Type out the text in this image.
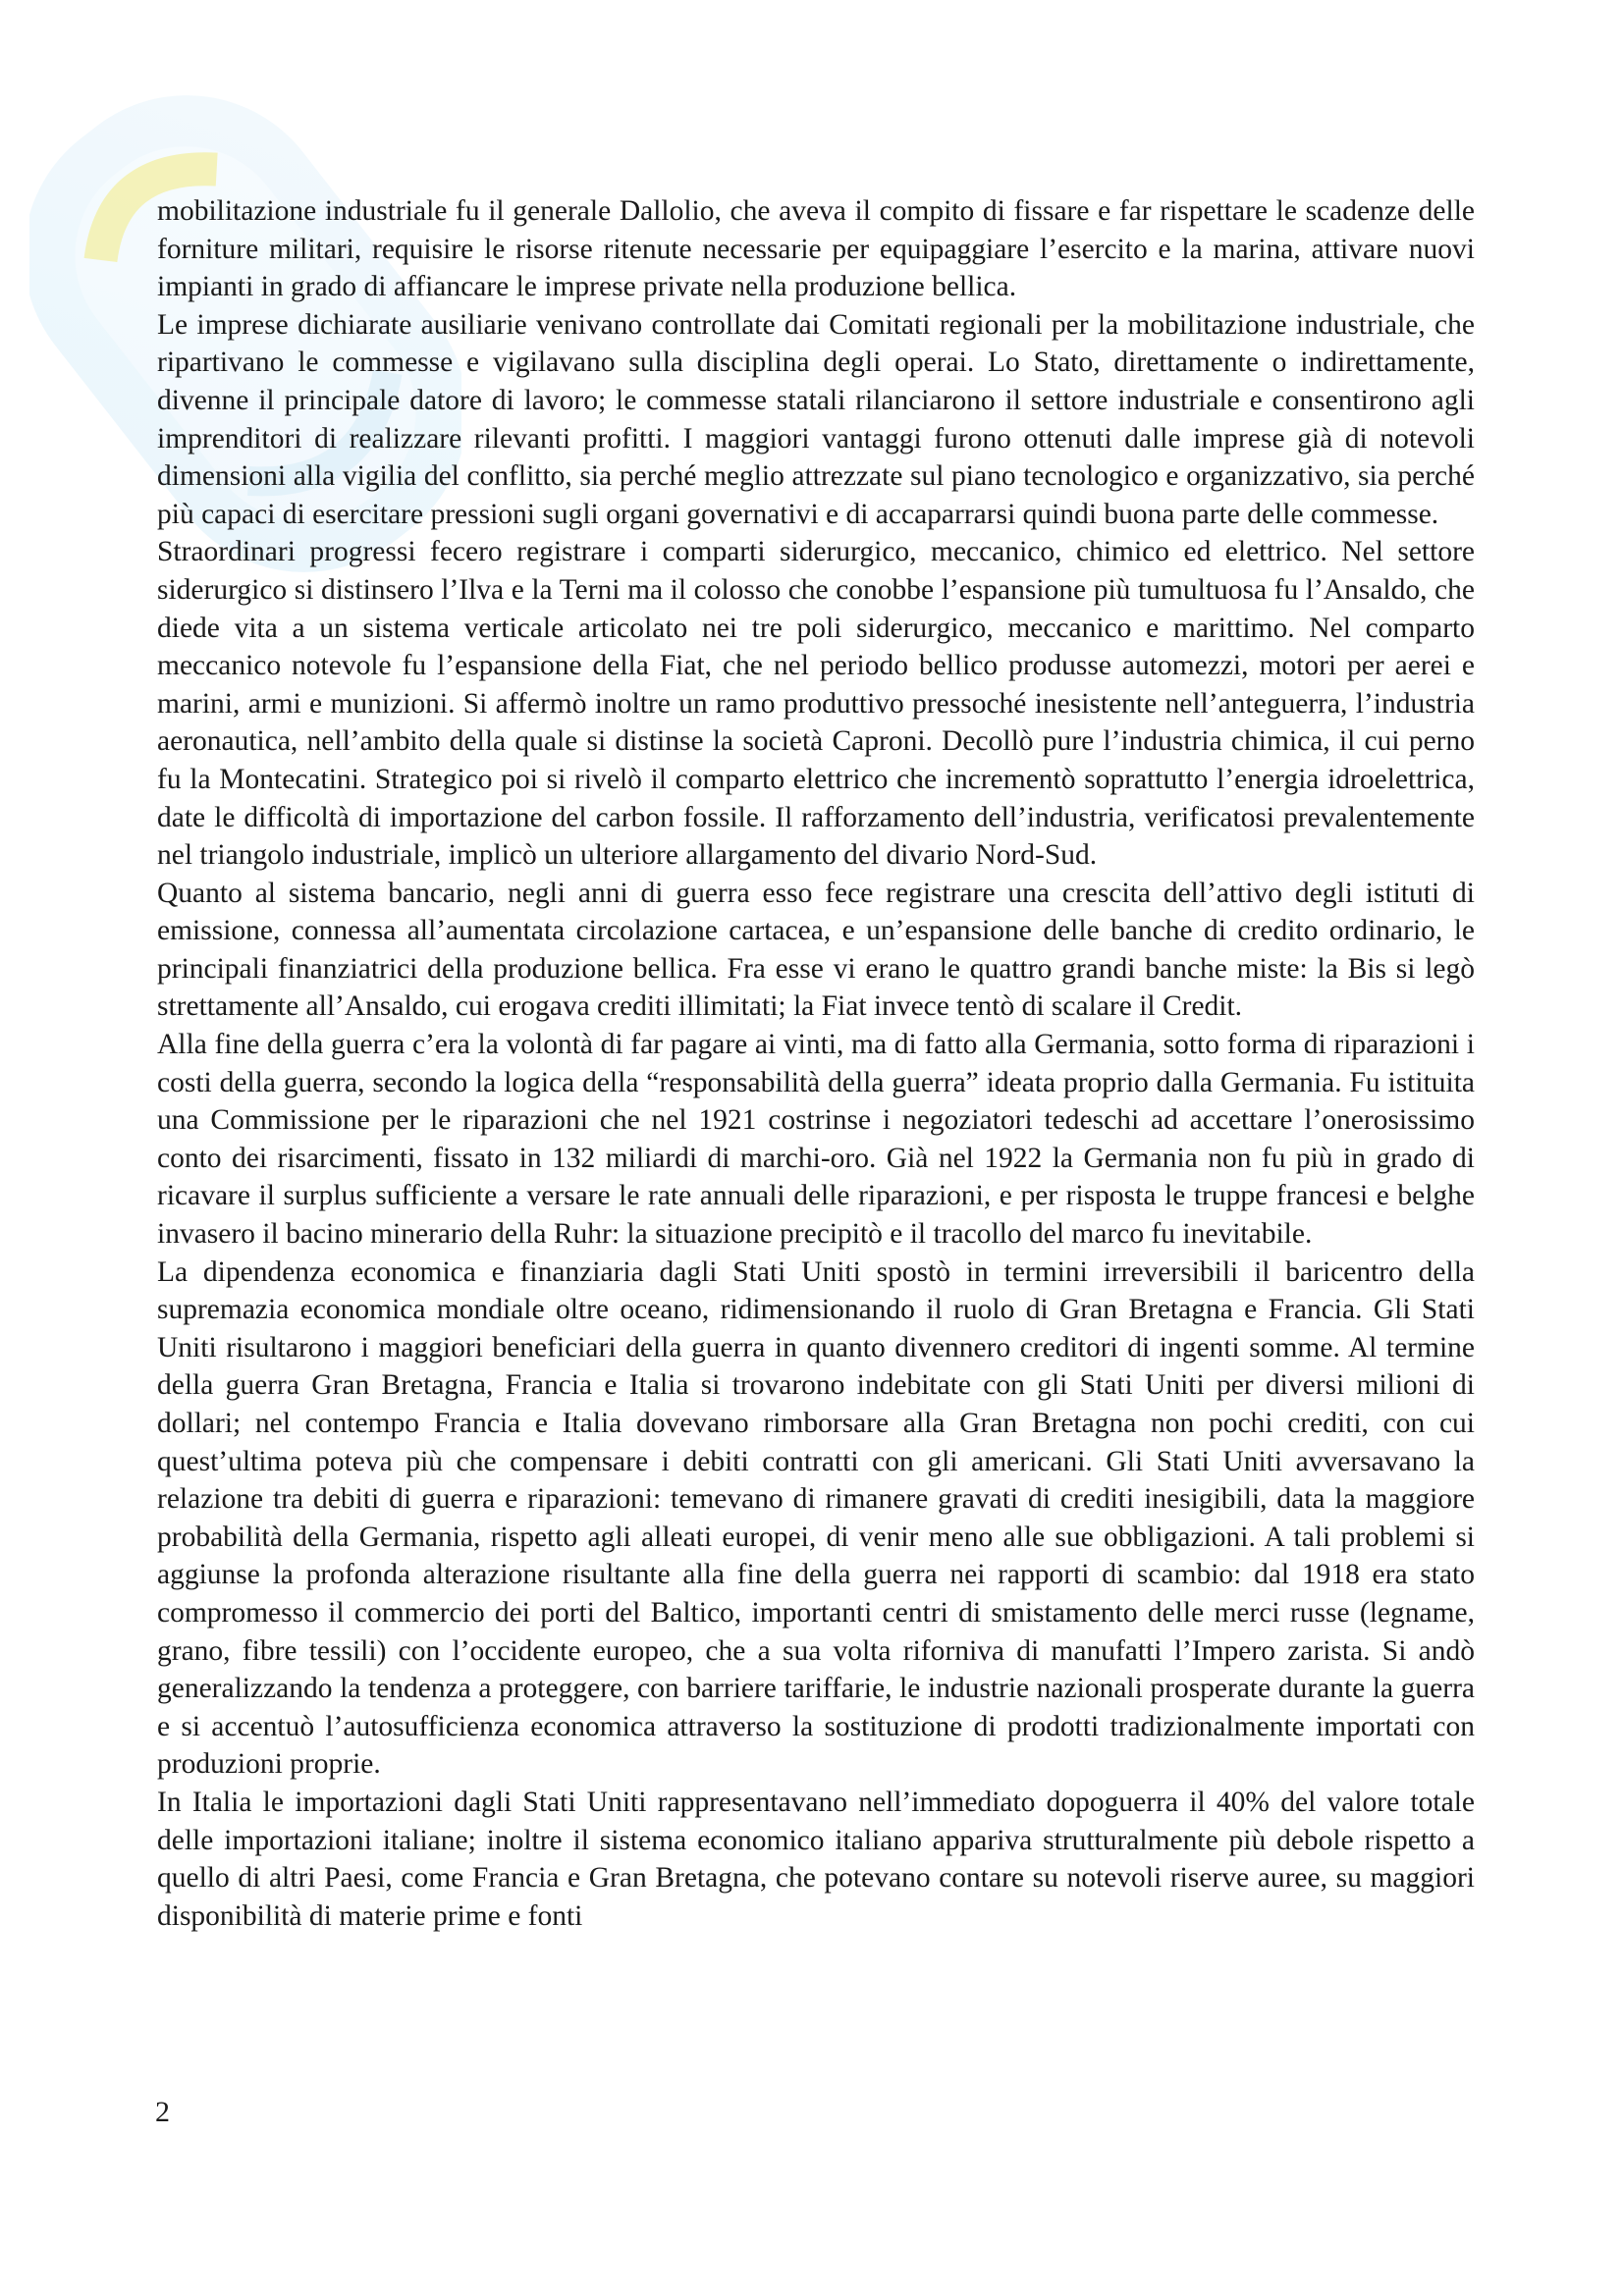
mobilitazione industriale fu il generale Dallolio, che aveva il compito di fissare e far rispettare le scadenze delle forniture militari, requisire le risorse ritenute necessarie per equipaggiare l’esercito e la marina, attivare nuovi impianti in grado di affiancare le imprese private nella produzione bellica.

Le imprese dichiarate ausiliarie venivano controllate dai Comitati regionali per la mobilitazione industriale, che ripartivano le commesse e vigilavano sulla disciplina degli operai. Lo Stato, direttamente o indirettamente, divenne il principale datore di lavoro; le commesse statali rilanciarono il settore industriale e consentirono agli imprenditori di realizzare rilevanti profitti. I maggiori vantaggi furono ottenuti dalle imprese già di notevoli dimensioni alla vigilia del conflitto, sia perché meglio attrezzate sul piano tecnologico e organizzativo, sia perché più capaci di esercitare pressioni sugli organi governativi e di accaparrarsi quindi buona parte delle commesse.

Straordinari progressi fecero registrare i comparti siderurgico, meccanico, chimico ed elettrico. Nel settore siderurgico si distinsero l’Ilva e la Terni ma il colosso che conobbe l’espansione più tumultuosa fu l’Ansaldo, che diede vita a un sistema verticale articolato nei tre poli siderurgico, meccanico e marittimo. Nel comparto meccanico notevole fu l’espansione della Fiat, che nel periodo bellico produsse automezzi, motori per aerei e marini, armi e munizioni. Si affermò inoltre un ramo produttivo pressoché inesistente nell’anteguerra, l’industria aeronautica, nell’ambito della quale si distinse la società Caproni. Decollò pure l’industria chimica, il cui perno fu la Montecatini. Strategico poi si rivelò il comparto elettrico che incrementò soprattutto l’energia idroelettrica, date le difficoltà di importazione del carbon fossile. Il rafforzamento dell’industria, verificatosi prevalentemente nel triangolo industriale, implicò un ulteriore allargamento del divario Nord-Sud.

Quanto al sistema bancario, negli anni di guerra esso fece registrare una crescita dell’attivo degli istituti di emissione, connessa all’aumentata circolazione cartacea, e un’espansione delle banche di credito ordinario, le principali finanziatrici della produzione bellica. Fra esse vi erano le quattro grandi banche miste: la Bis si legò strettamente all’Ansaldo, cui erogava crediti illimitati; la Fiat invece tentò di scalare il Credit.

Alla fine della guerra c’era la volontà di far pagare ai vinti, ma di fatto alla Germania, sotto forma di riparazioni i costi della guerra, secondo la logica della “responsabilità della guerra” ideata proprio dalla Germania. Fu istituita una Commissione per le riparazioni che nel 1921 costrinse i negoziatori tedeschi ad accettare l’onerosissimo conto dei risarcimenti, fissato in 132 miliardi di marchi-oro. Già nel 1922 la Germania non fu più in grado di ricavare il surplus sufficiente a versare le rate annuali delle riparazioni, e per risposta le truppe francesi e belghe invasero il bacino minerario della Ruhr: la situazione precipitò e il tracollo del marco fu inevitabile.

La dipendenza economica e finanziaria dagli Stati Uniti spostò in termini irreversibili il baricentro della supremazia economica mondiale oltre oceano, ridimensionando il ruolo di Gran Bretagna e Francia. Gli Stati Uniti risultarono i maggiori beneficiari della guerra in quanto divennero creditori di ingenti somme. Al termine della guerra Gran Bretagna, Francia e Italia si trovarono indebitate con gli Stati Uniti per diversi milioni di dollari; nel contempo Francia e Italia dovevano rimborsare alla Gran Bretagna non pochi crediti, con cui quest’ultima poteva più che compensare i debiti contratti con gli americani. Gli Stati Uniti avversavano la relazione tra debiti di guerra e riparazioni: temevano di rimanere gravati di crediti inesigibili, data la maggiore probabilità della Germania, rispetto agli alleati europei, di venir meno alle sue obbligazioni. A tali problemi si aggiunse la profonda alterazione risultante alla fine della guerra nei rapporti di scambio: dal 1918 era stato compromesso il commercio dei porti del Baltico, importanti centri di smistamento delle merci russe (legname, grano, fibre tessili) con l’occidente europeo, che a sua volta riforniva di manufatti l’Impero zarista. Si andò generalizzando la tendenza a proteggere, con barriere tariffarie, le industrie nazionali prosperate durante la guerra e si accentuò l’autosufficienza economica attraverso la sostituzione di prodotti tradizionalmente importati con produzioni proprie.

In Italia le importazioni dagli Stati Uniti rappresentavano nell’immediato dopoguerra il 40% del valore totale delle importazioni italiane; inoltre il sistema economico italiano appariva strutturalmente più debole rispetto a quello di altri Paesi, come Francia e Gran Bretagna, che potevano contare su notevoli riserve auree, su maggiori disponibilità di materie prime e fonti

2
